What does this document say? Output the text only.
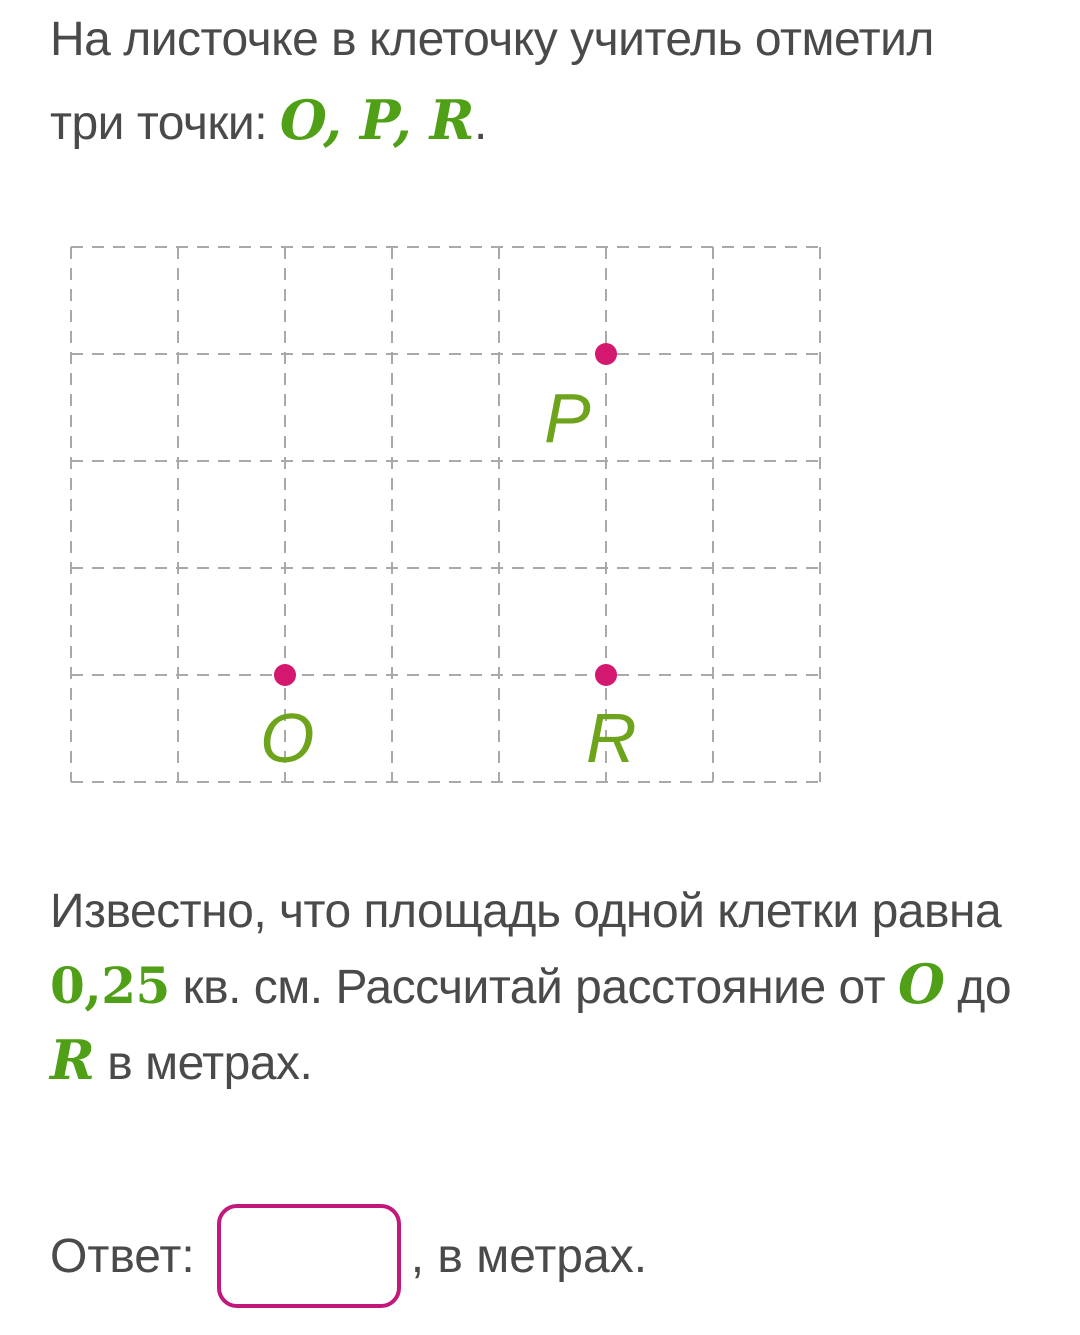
На листочке в клеточку учитель отметил
три точки: O, P, R.
P
O	R
Известно, что площадь одной клетки равна
0,25 кв. см. Рассчитай расстояние от O до
R в метрах.
Ответ:	, в метрах.
